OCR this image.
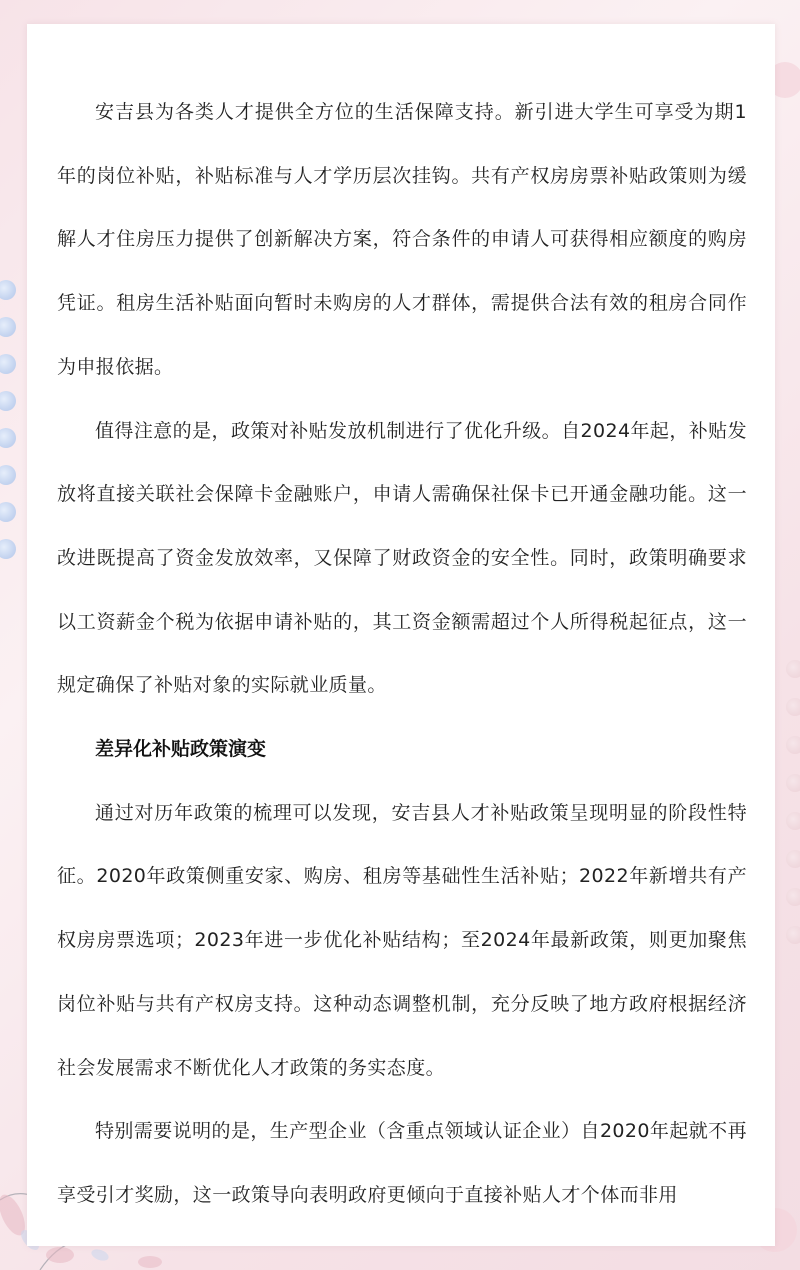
安吉县为各类人才提供全方位的生活保障支持。新引进大学生可享受为期1年的岗位补贴，补贴标准与人才学历层次挂钩。共有产权房房票补贴政策则为缓解人才住房压力提供了创新解决方案，符合条件的申请人可获得相应额度的购房凭证。租房生活补贴面向暂时未购房的人才群体，需提供合法有效的租房合同作为申报依据。

值得注意的是，政策对补贴发放机制进行了优化升级。自2024年起，补贴发放将直接关联社会保障卡金融账户，申请人需确保社保卡已开通金融功能。这一改进既提高了资金发放效率，又保障了财政资金的安全性。同时，政策明确要求以工资薪金个税为依据申请补贴的，其工资金额需超过个人所得税起征点，这一规定确保了补贴对象的实际就业质量。

差异化补贴政策演变

通过对历年政策的梳理可以发现，安吉县人才补贴政策呈现明显的阶段性特征。2020年政策侧重安家、购房、租房等基础性生活补贴；2022年新增共有产权房房票选项；2023年进一步优化补贴结构；至2024年最新政策，则更加聚焦岗位补贴与共有产权房支持。这种动态调整机制，充分反映了地方政府根据经济社会发展需求不断优化人才政策的务实态度。

特别需要说明的是，生产型企业（含重点领域认证企业）自2020年起就不再享受引才奖励，这一政策导向表明政府更倾向于直接补贴人才个体而非用
